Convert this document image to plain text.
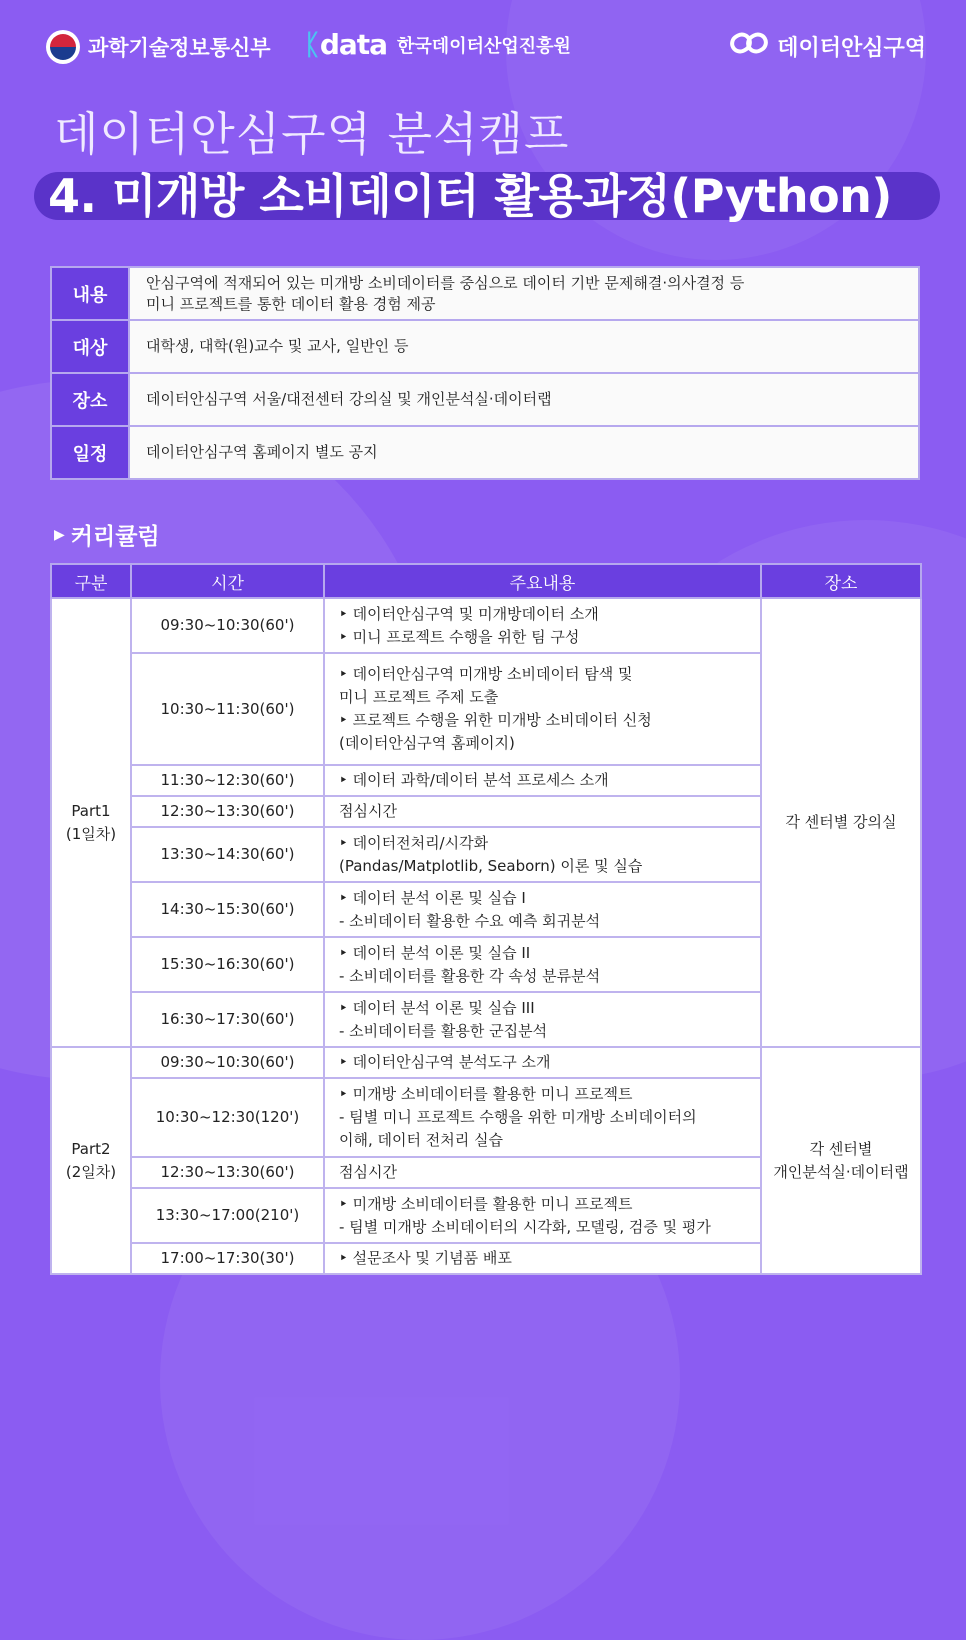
과학기술정보통신부 ᛕdata 한국데이터산업진흥원	데이터안심구역
데이터안심구역 분석캠프
4. 미개방 소비데이터 활용과정(Python)
내용	안심구역에 적재되어 있는 미개방 소비데이터를 중심으로 데이터 기반 문제해결·의사결정 등
미니 프로젝트를 통한 데이터 활용 경험 제공

대상	대학생, 대학(원)교수 및 교사, 일반인 등

장소	데이터안심구역 서울/대전센터 강의실 및 개인분석실·데이터랩

일정	데이터안심구역 홈페이지 별도 공지
▶ 커리큘럼
구분	시간	주요내용	장소

Part1
(1일차)	09:30~10:30(60')	‣ 데이터안심구역 및 미개방데이터 소개
‣ 미니 프로젝트 수행을 위한 팀 구성	각 센터별 강의실

	10:30~11:30(60')	‣ 데이터안심구역 미개방 소비데이터 탐색 및
미니 프로젝트 주제 도출
‣ 프로젝트 수행을 위한 미개방 소비데이터 신청
(데이터안심구역 홈페이지)	

	11:30~12:30(60')	‣ 데이터 과학/데이터 분석 프로세스 소개	

	12:30~13:30(60')	점심시간	

	13:30~14:30(60')	‣ 데이터전처리/시각화
(Pandas/Matplotlib, Seaborn) 이론 및 실습	

	14:30~15:30(60')	‣ 데이터 분석 이론 및 실습 I
- 소비데이터 활용한 수요 예측 회귀분석	

	15:30~16:30(60')	‣ 데이터 분석 이론 및 실습 II
- 소비데이터를 활용한 각 속성 분류분석	

	16:30~17:30(60')	‣ 데이터 분석 이론 및 실습 III
- 소비데이터를 활용한 군집분석	

Part2
(2일차)	09:30~10:30(60')	‣ 데이터안심구역 분석도구 소개	각 센터별
개인분석실·데이터랩

	10:30~12:30(120')	‣ 미개방 소비데이터를 활용한 미니 프로젝트
- 팀별 미니 프로젝트 수행을 위한 미개방 소비데이터의
이해, 데이터 전처리 실습	

	12:30~13:30(60')	점심시간	

	13:30~17:00(210')	‣ 미개방 소비데이터를 활용한 미니 프로젝트
- 팀별 미개방 소비데이터의 시각화, 모델링, 검증 및 평가	

	17:00~17:30(30')	‣ 설문조사 및 기념품 배포	
